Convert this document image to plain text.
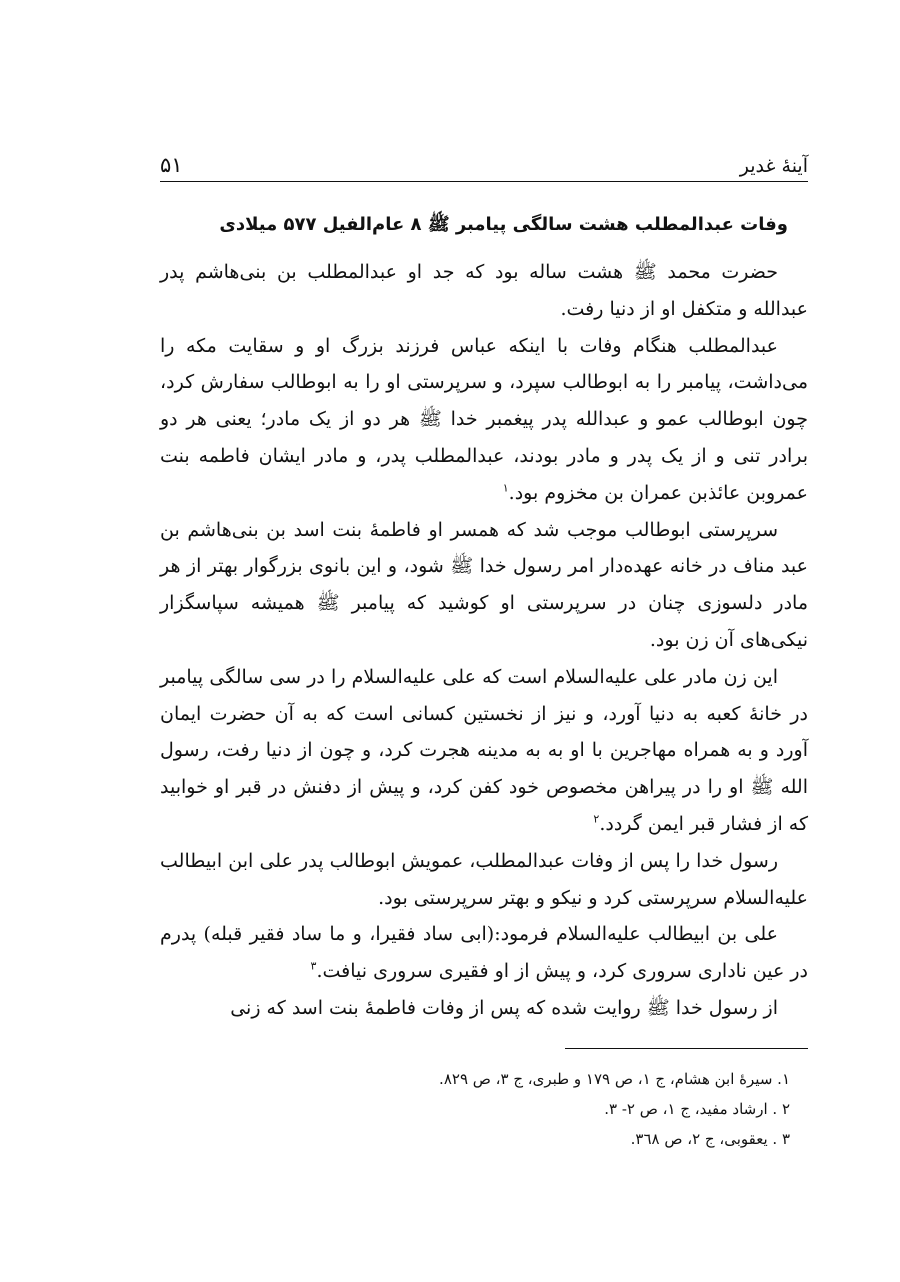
آينۀ غدير
۵۱
وفات عبدالمطلب هشت سالگی پیامبر ﷺ ۸ عام‌الفیل ۵۷۷ میلادی

حضرت محمد ﷺ هشت ساله بود که جد او عبدالمطلب بن بنی‌هاشم پدر عبدالله و متکفل او از دنیا رفت.

عبدالمطلب هنگام وفات با اینکه عباس فرزند بزرگ او و سقایت مکه را می‌داشت، پیامبر را به ابوطالب سپرد، و سرپرستی او را به ابوطالب سفارش کرد، چون ابوطالب عمو و عبدالله پدر پیغمبر خدا ﷺ هر دو از یک مادر؛ یعنی هر دو برادر تنی و از یک پدر و مادر بودند، عبدالمطلب پدر، و مادر ایشان فاطمه بنت عمروبن عائذبن عمران بن مخزوم بود.$^۱$

سرپرستی ابوطالب موجب شد که همسر او فاطمۀ بنت اسد بن بنی‌هاشم بن عبد مناف در خانه عهده‌دار امر رسول خدا ﷺ شود، و این بانوی بزرگوار بهتر از هر مادر دلسوزی چنان در سرپرستی او کوشید که پیامبر ﷺ همیشه سپاسگزار نیکی‌های آن زن بود.

این زن مادر علی عليه‌السلام است که علی عليه‌السلام را در سی سالگی پیامبر در خانۀ کعبه به دنیا آورد، و نیز از نخستین کسانی است که به آن حضرت ایمان آورد و به همراه مهاجرین با او به به مدینه هجرت کرد، و چون از دنیا رفت، رسول الله ﷺ او را در پیراهن مخصوص خود کفن کرد، و پیش از دفنش در قبر او خوابید که از فشار قبر ایمن گردد.$^۲$

رسول خدا را پس از وفات عبدالمطلب، عمویش ابوطالب پدر علی ابن ابیطالب عليه‌السلام سرپرستی کرد و نیکو و بهتر سرپرستی بود.

علی بن ابیطالب عليه‌السلام فرمود:(ابی ساد فقیرا، و ما ساد فقیر قبله) پدرم در عین ناداری سروری کرد، و پیش از او فقیری سروری نیافت.$^۳$

از رسول خدا ﷺ روایت شده که پس از وفات فاطمۀ بنت اسد که زنی

۱. سیرۀ ابن هشام، ج ۱، ص ۱۷۹ و طبری، ج ۳، ص ۸۲۹.
۲ . ارشاد مفید، ج ۱، ص ۲- ۳.
۳ . یعقوبی، ج ۲، ص ۳٦۸.
